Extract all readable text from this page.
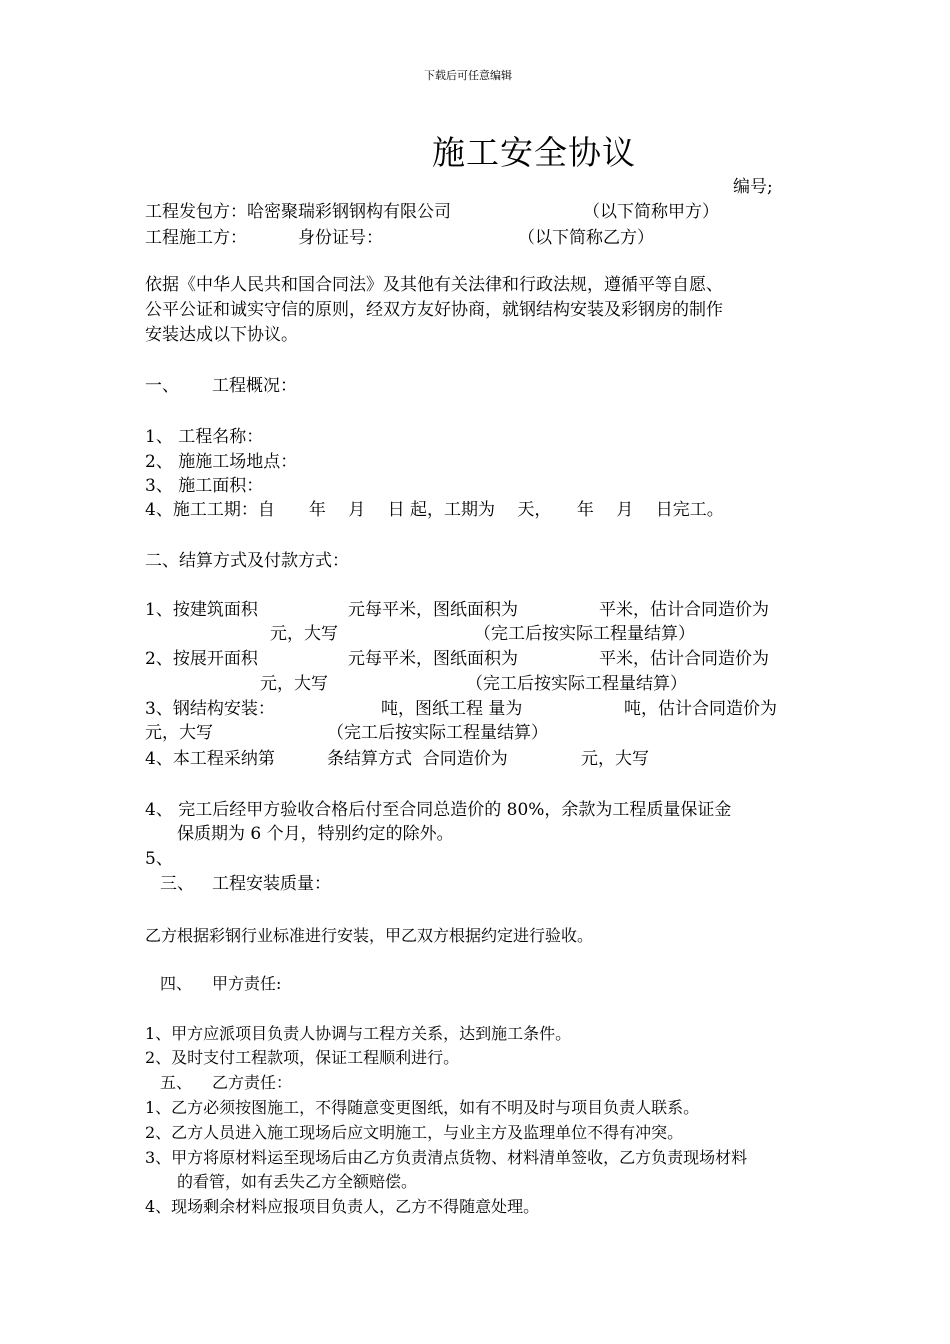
下载后可任意编辑
施工安全协议
编号;
工程发包方：哈密聚瑞彩钢钢构有限公司	（以下简称甲方）
工程施工方：	身份证号：	（以下简称乙方）
依据《中华人民共和国合同法》及其他有关法律和行政法规，遵循平等自愿、
公平公证和诚实守信的原则，经双方友好协商，就钢结构安装及彩钢房的制作
安装达成以下协议。
一、 工程概况：
1、 工程名称：
2、 施施工场地点：
3、 施工面积：
4、施工工期：自　　年　 月　 日 起，工期为　 天，　　年　 月　 日完工。
二、结算方式及付款方式：
1、按建筑面积	元每平米，图纸面积为	平米，估计合同造价为
元，大写	（完工后按实际工程量结算）
2、按展开面积	元每平米，图纸面积为	平米，估计合同造价为
元，大写	（完工后按实际工程量结算）
3、钢结构安装：	吨，图纸工程 量为	吨，估计合同造价为
元，大写	（完工后按实际工程量结算）
4、本工程采纳第	条结算方式  合同造价为	元，大写
4、 完工后经甲方验收合格后付至合同总造价的 80%，余款为工程质量保证金
保质期为 6 个月，特别约定的除外。
5、
三、 工程安装质量：
乙方根据彩钢行业标准进行安装，甲乙双方根据约定进行验收。
四、 甲方责任:
1、甲方应派项目负责人协调与工程方关系，达到施工条件。
2、及时支付工程款项，保证工程顺利进行。
五、 乙方责任：
1、乙方必须按图施工，不得随意变更图纸，如有不明及时与项目负责人联系。
2、乙方人员进入施工现场后应文明施工，与业主方及监理单位不得有冲突。
3、甲方将原材料运至现场后由乙方负责清点货物、材料清单签收，乙方负责现场材料
的看管，如有丢失乙方全额赔偿。
4、现场剩余材料应报项目负责人，乙方不得随意处理。
